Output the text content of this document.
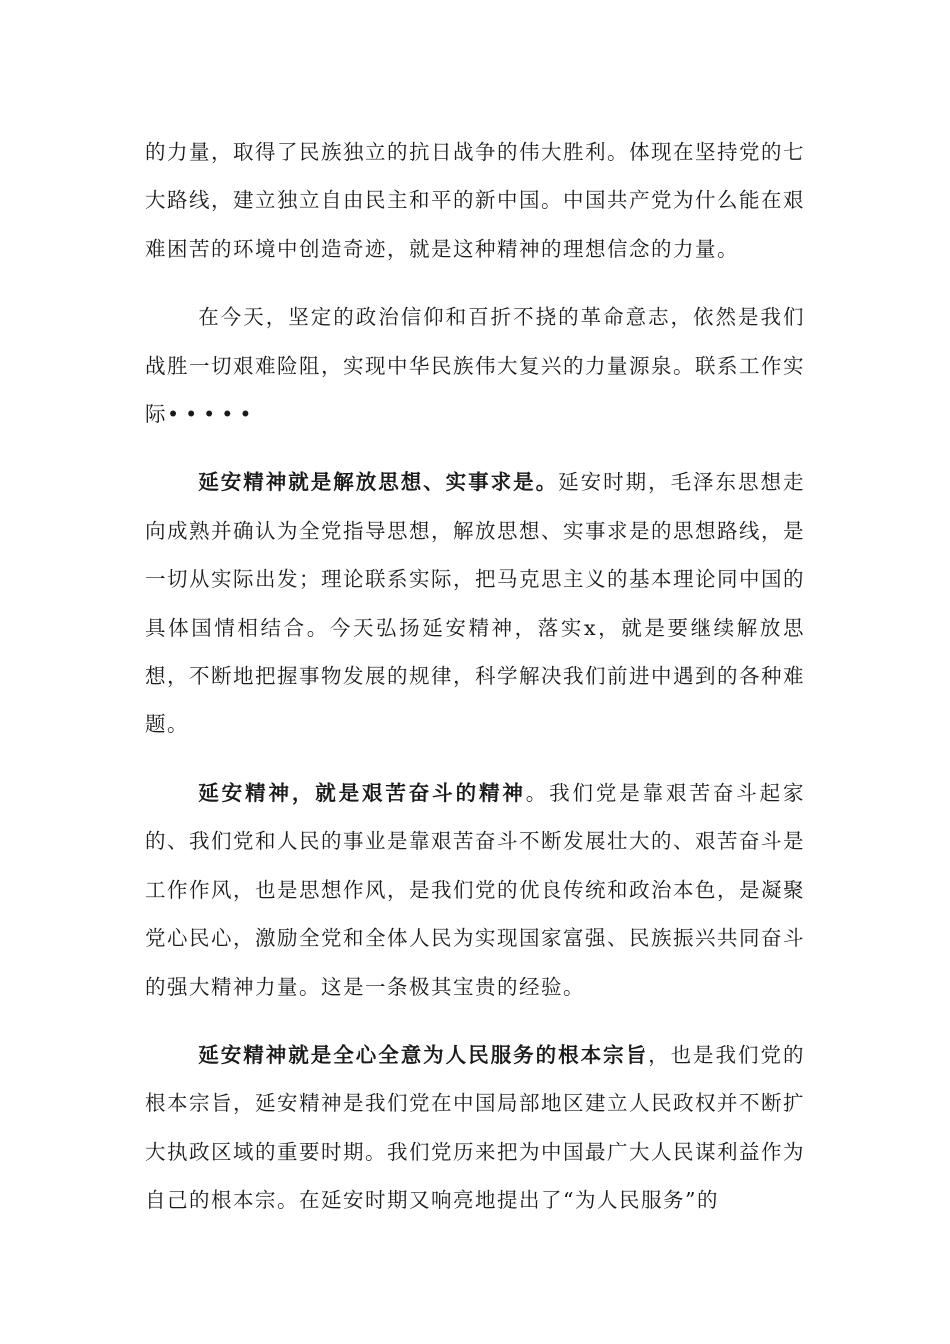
的力量，取得了民族独立的抗日战争的伟大胜利。体现在坚持党的七大路线，建立独立自由民主和平的新中国。中国共产党为什么能在艰难困苦的环境中创造奇迹，就是这种精神的理想信念的力量。

在今天，坚定的政治信仰和百折不挠的革命意志，依然是我们战胜一切艰难险阻，实现中华民族伟大复兴的力量源泉。联系工作实际•••••

延安精神就是解放思想、实事求是。延安时期，毛泽东思想走向成熟并确认为全党指导思想，解放思想、实事求是的思想路线，是一切从实际出发；理论联系实际，把马克思主义的基本理论同中国的具体国情相结合。今天弘扬延安精神，落实x，就是要继续解放思想，不断地把握事物发展的规律，科学解决我们前进中遇到的各种难题。

延安精神，就是艰苦奋斗的精神。我们党是靠艰苦奋斗起家的、我们党和人民的事业是靠艰苦奋斗不断发展壮大的、艰苦奋斗是工作作风，也是思想作风，是我们党的优良传统和政治本色，是凝聚党心民心，激励全党和全体人民为实现国家富强、民族振兴共同奋斗的强大精神力量。这是一条极其宝贵的经验。

延安精神就是全心全意为人民服务的根本宗旨，也是我们党的根本宗旨，延安精神是我们党在中国局部地区建立人民政权并不断扩大执政区域的重要时期。我们党历来把为中国最广大人民谋利益作为自己的根本宗。在延安时期又响亮地提出了“为人民服务”的
